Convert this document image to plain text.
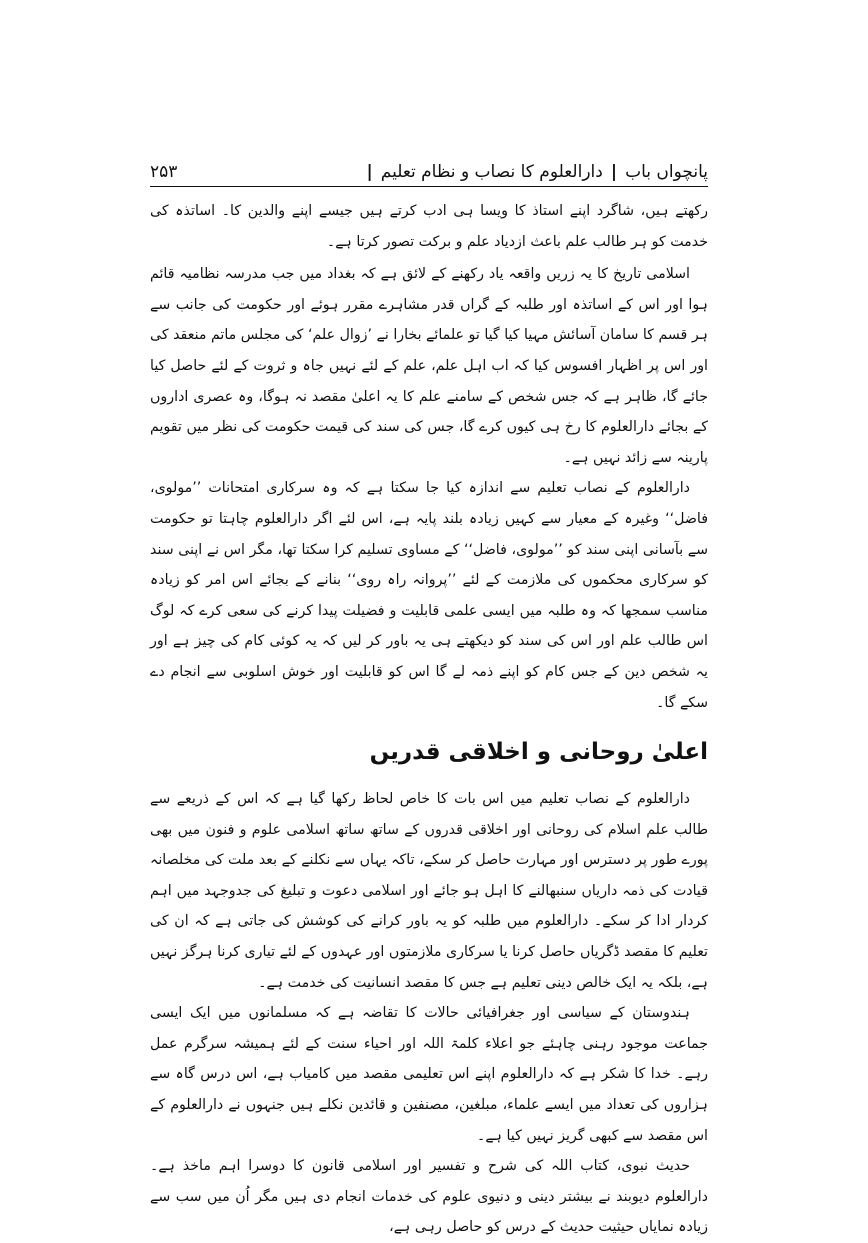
پانچواں باب
|
دارالعلوم کا نصاب و نظام تعلیم
|
۲۵۳

رکھتے ہیں، شاگرد اپنے استاذ کا ویسا ہی ادب کرتے ہیں جیسے اپنے والدین کا۔ اساتذہ کی خدمت کو ہر طالب علم باعث ازدیاد علم و برکت تصور کرتا ہے۔

اسلامی تاریخ کا یہ زریں واقعہ یاد رکھنے کے لائق ہے کہ بغداد میں جب مدرسہ نظامیہ قائم ہوا اور اس کے اساتذہ اور طلبہ کے گراں قدر مشاہرے مقرر ہوئے اور حکومت کی جانب سے ہر قسم کا سامان آسائش مہیا کیا گیا تو علمائے بخارا نے ’زوال علم‘ کی مجلس ماتم منعقد کی اور اس پر اظہار افسوس کیا کہ اب اہل علم، علم کے لئے نہیں جاہ و ثروت کے لئے حاصل کیا جائے گا، ظاہر ہے کہ جس شخص کے سامنے علم کا یہ اعلیٰ مقصد نہ ہوگا، وہ عصری اداروں کے بجائے دارالعلوم کا رخ ہی کیوں کرے گا، جس کی سند کی قیمت حکومت کی نظر میں تقویم پارینہ سے زائد نہیں ہے۔

دارالعلوم کے نصاب تعلیم سے اندازہ کیا جا سکتا ہے کہ وہ سرکاری امتحانات ’’مولوی، فاضل‘‘ وغیرہ کے معیار سے کہیں زیادہ بلند پایہ ہے، اس لئے اگر دارالعلوم چاہتا تو حکومت سے بآسانی اپنی سند کو ’’مولوی، فاضل‘‘ کے مساوی تسلیم کرا سکتا تھا، مگر اس نے اپنی سند کو سرکاری محکموں کی ملازمت کے لئے ’’پروانہ راہ روی‘‘ بنانے کے بجائے اس امر کو زیادہ مناسب سمجھا کہ وہ طلبہ میں ایسی علمی قابلیت و فضیلت پیدا کرنے کی سعی کرے کہ لوگ اس طالب علم اور اس کی سند کو دیکھتے ہی یہ باور کر لیں کہ یہ کوئی کام کی چیز ہے اور یہ شخص دین کے جس کام کو اپنے ذمہ لے گا اس کو قابلیت اور خوش اسلوبی سے انجام دے سکے گا۔

اعلیٰ روحانی و اخلاقی قدریں

دارالعلوم کے نصاب تعلیم میں اس بات کا خاص لحاظ رکھا گیا ہے کہ اس کے ذریعے سے طالب علم اسلام کی روحانی اور اخلاقی قدروں کے ساتھ ساتھ اسلامی علوم و فنون میں بھی پورے طور پر دسترس اور مہارت حاصل کر سکے، تاکہ یہاں سے نکلنے کے بعد ملت کی مخلصانہ قیادت کی ذمہ داریاں سنبھالنے کا اہل ہو جائے اور اسلامی دعوت و تبلیغ کی جدوجہد میں اہم کردار ادا کر سکے۔ دارالعلوم میں طلبہ کو یہ باور کرانے کی کوشش کی جاتی ہے کہ ان کی تعلیم کا مقصد ڈگریاں حاصل کرنا یا سرکاری ملازمتوں اور عہدوں کے لئے تیاری کرنا ہرگز نہیں ہے، بلکہ یہ ایک خالص دینی تعلیم ہے جس کا مقصد انسانیت کی خدمت ہے۔

ہندوستان کے سیاسی اور جغرافیائی حالات کا تقاضہ ہے کہ مسلمانوں میں ایک ایسی جماعت موجود رہنی چاہئے جو اعلاء کلمۃ اللہ اور احیاء سنت کے لئے ہمیشہ سرگرم عمل رہے۔ خدا کا شکر ہے کہ دارالعلوم اپنے اس تعلیمی مقصد میں کامیاب ہے، اس درس گاہ سے ہزاروں کی تعداد میں ایسے علماء، مبلغین، مصنفین و قائدین نکلے ہیں جنہوں نے دارالعلوم کے اس مقصد سے کبھی گریز نہیں کیا ہے۔

حدیث نبوی، کتاب اللہ کی شرح و تفسیر اور اسلامی قانون کا دوسرا اہم ماخذ ہے۔ دارالعلوم دیوبند نے بیشتر دینی و دنیوی علوم کی خدمات انجام دی ہیں مگر اُن میں سب سے زیادہ نمایاں حیثیت حدیث کے درس کو حاصل رہی ہے،
